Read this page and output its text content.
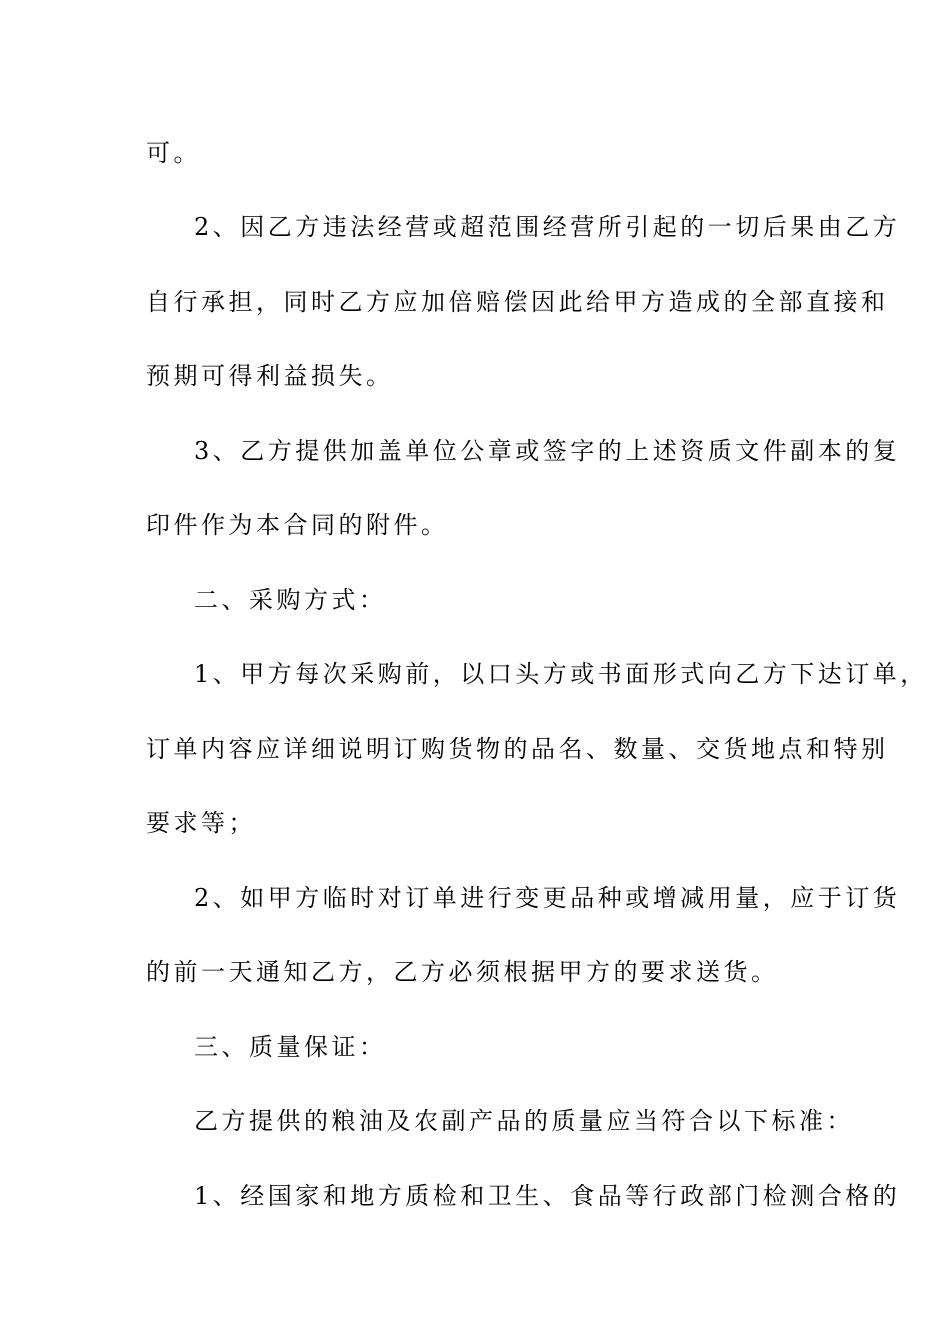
可。
2、因乙方违法经营或超范围经营所引起的一切后果由乙方
自行承担，同时乙方应加倍赔偿因此给甲方造成的全部直接和
预期可得利益损失。
3、乙方提供加盖单位公章或签字的上述资质文件副本的复
印件作为本合同的附件。
二、采购方式：
1、甲方每次采购前，以口头方或书面形式向乙方下达订单，
订单内容应详细说明订购货物的品名、数量、交货地点和特别
要求等；
2、如甲方临时对订单进行变更品种或增减用量，应于订货
的前一天通知乙方，乙方必须根据甲方的要求送货。
三、质量保证：
乙方提供的粮油及农副产品的质量应当符合以下标准：
1、经国家和地方质检和卫生、食品等行政部门检测合格的
